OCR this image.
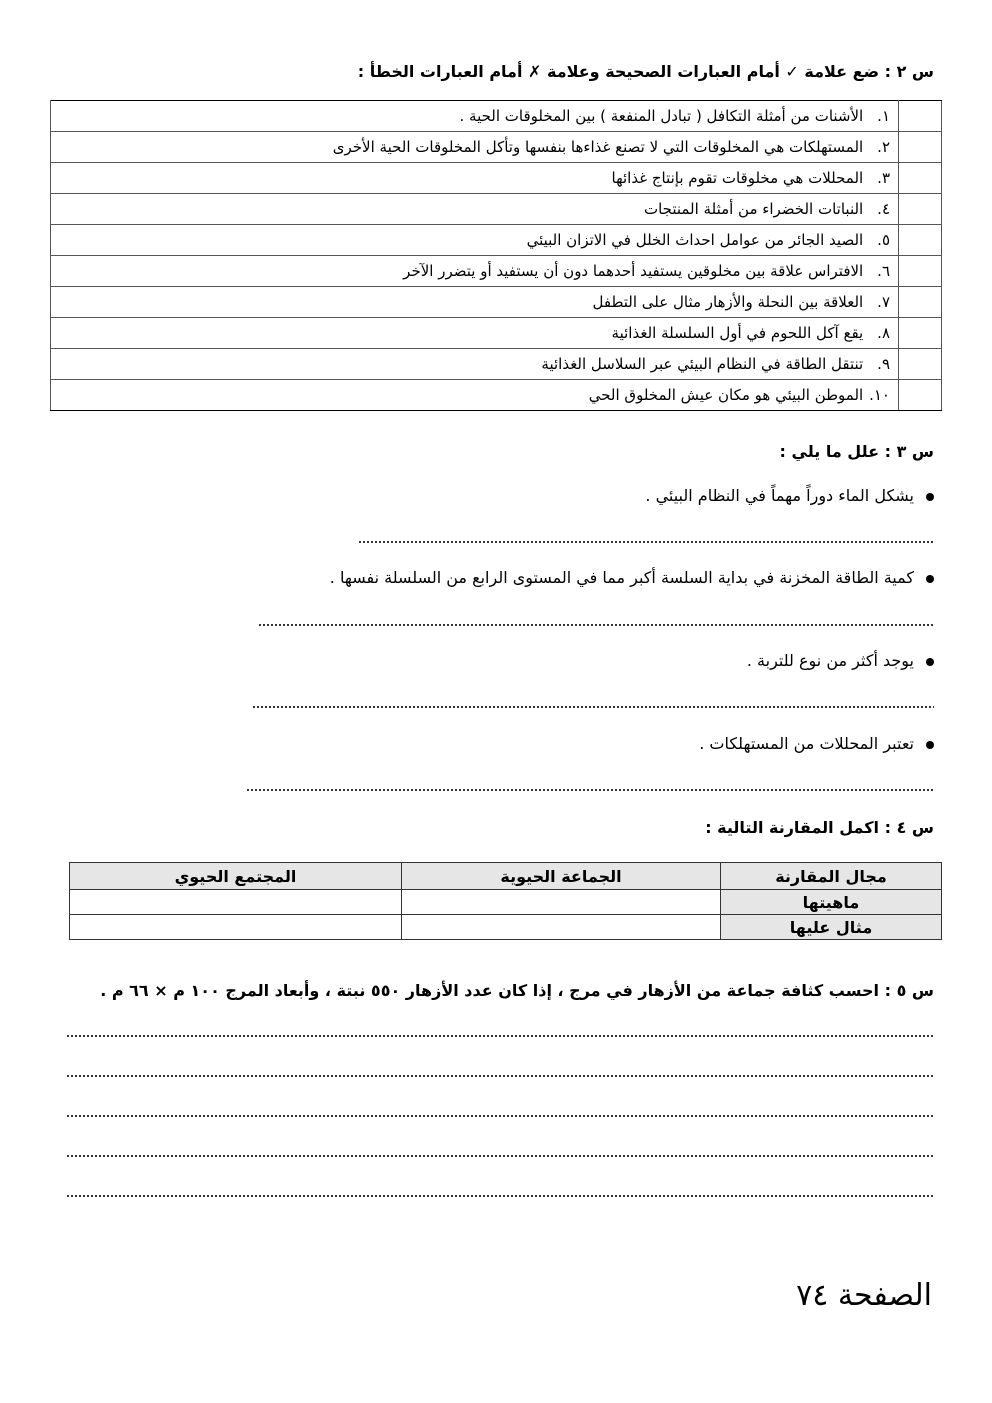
س ٢ : ضع علامة ✓ أمام العبارات الصحيحة وعلامة ✗ أمام العبارات الخطأ :
	١. الأشنات من أمثلة التكافل ( تبادل المنفعة ) بين المخلوقات الحية .
	٢. المستهلكات هي المخلوقات التي لا تصنع غذاءها بنفسها وتأكل المخلوقات الحية الأخرى
	٣. المحللات هي مخلوقات تقوم بإنتاج غذائها
	٤. النباتات الخضراء من أمثلة المنتجات
	٥. الصيد الجائر من عوامل احداث الخلل في الاتزان البيئي
	٦. الافتراس علاقة بين مخلوقين يستفيد أحدهما دون أن يستفيد أو يتضرر الآخر
	٧. العلاقة بين النحلة والأزهار مثال على التطفل
	٨. يقع آكل اللحوم في أول السلسلة الغذائية
	٩. تنتقل الطاقة في النظام البيئي عبر السلاسل الغذائية
	١٠. الموطن البيئي هو مكان عيش المخلوق الحي
س ٣ : علل ما يلي :
يشكل الماء دوراً مهماً في النظام البيئي .
كمية الطاقة المخزنة في بداية السلسة أكبر مما في المستوى الرابع من السلسلة نفسها .
يوجد أكثر من نوع للتربة .
تعتبر المحللات من المستهلكات .
س ٤ : اكمل المقارنة التالية :
مجال المقارنة	الجماعة الحيوية	المجتمع الحيوي
ماهيتها		
مثال عليها		
س ٥ : احسب كثافة جماعة من الأزهار في مرج ، إذا كان عدد الأزهار ٥٥٠ نبتة ، وأبعاد المرج ١٠٠ م × ٦٦ م .
الصفحة ٧٤
